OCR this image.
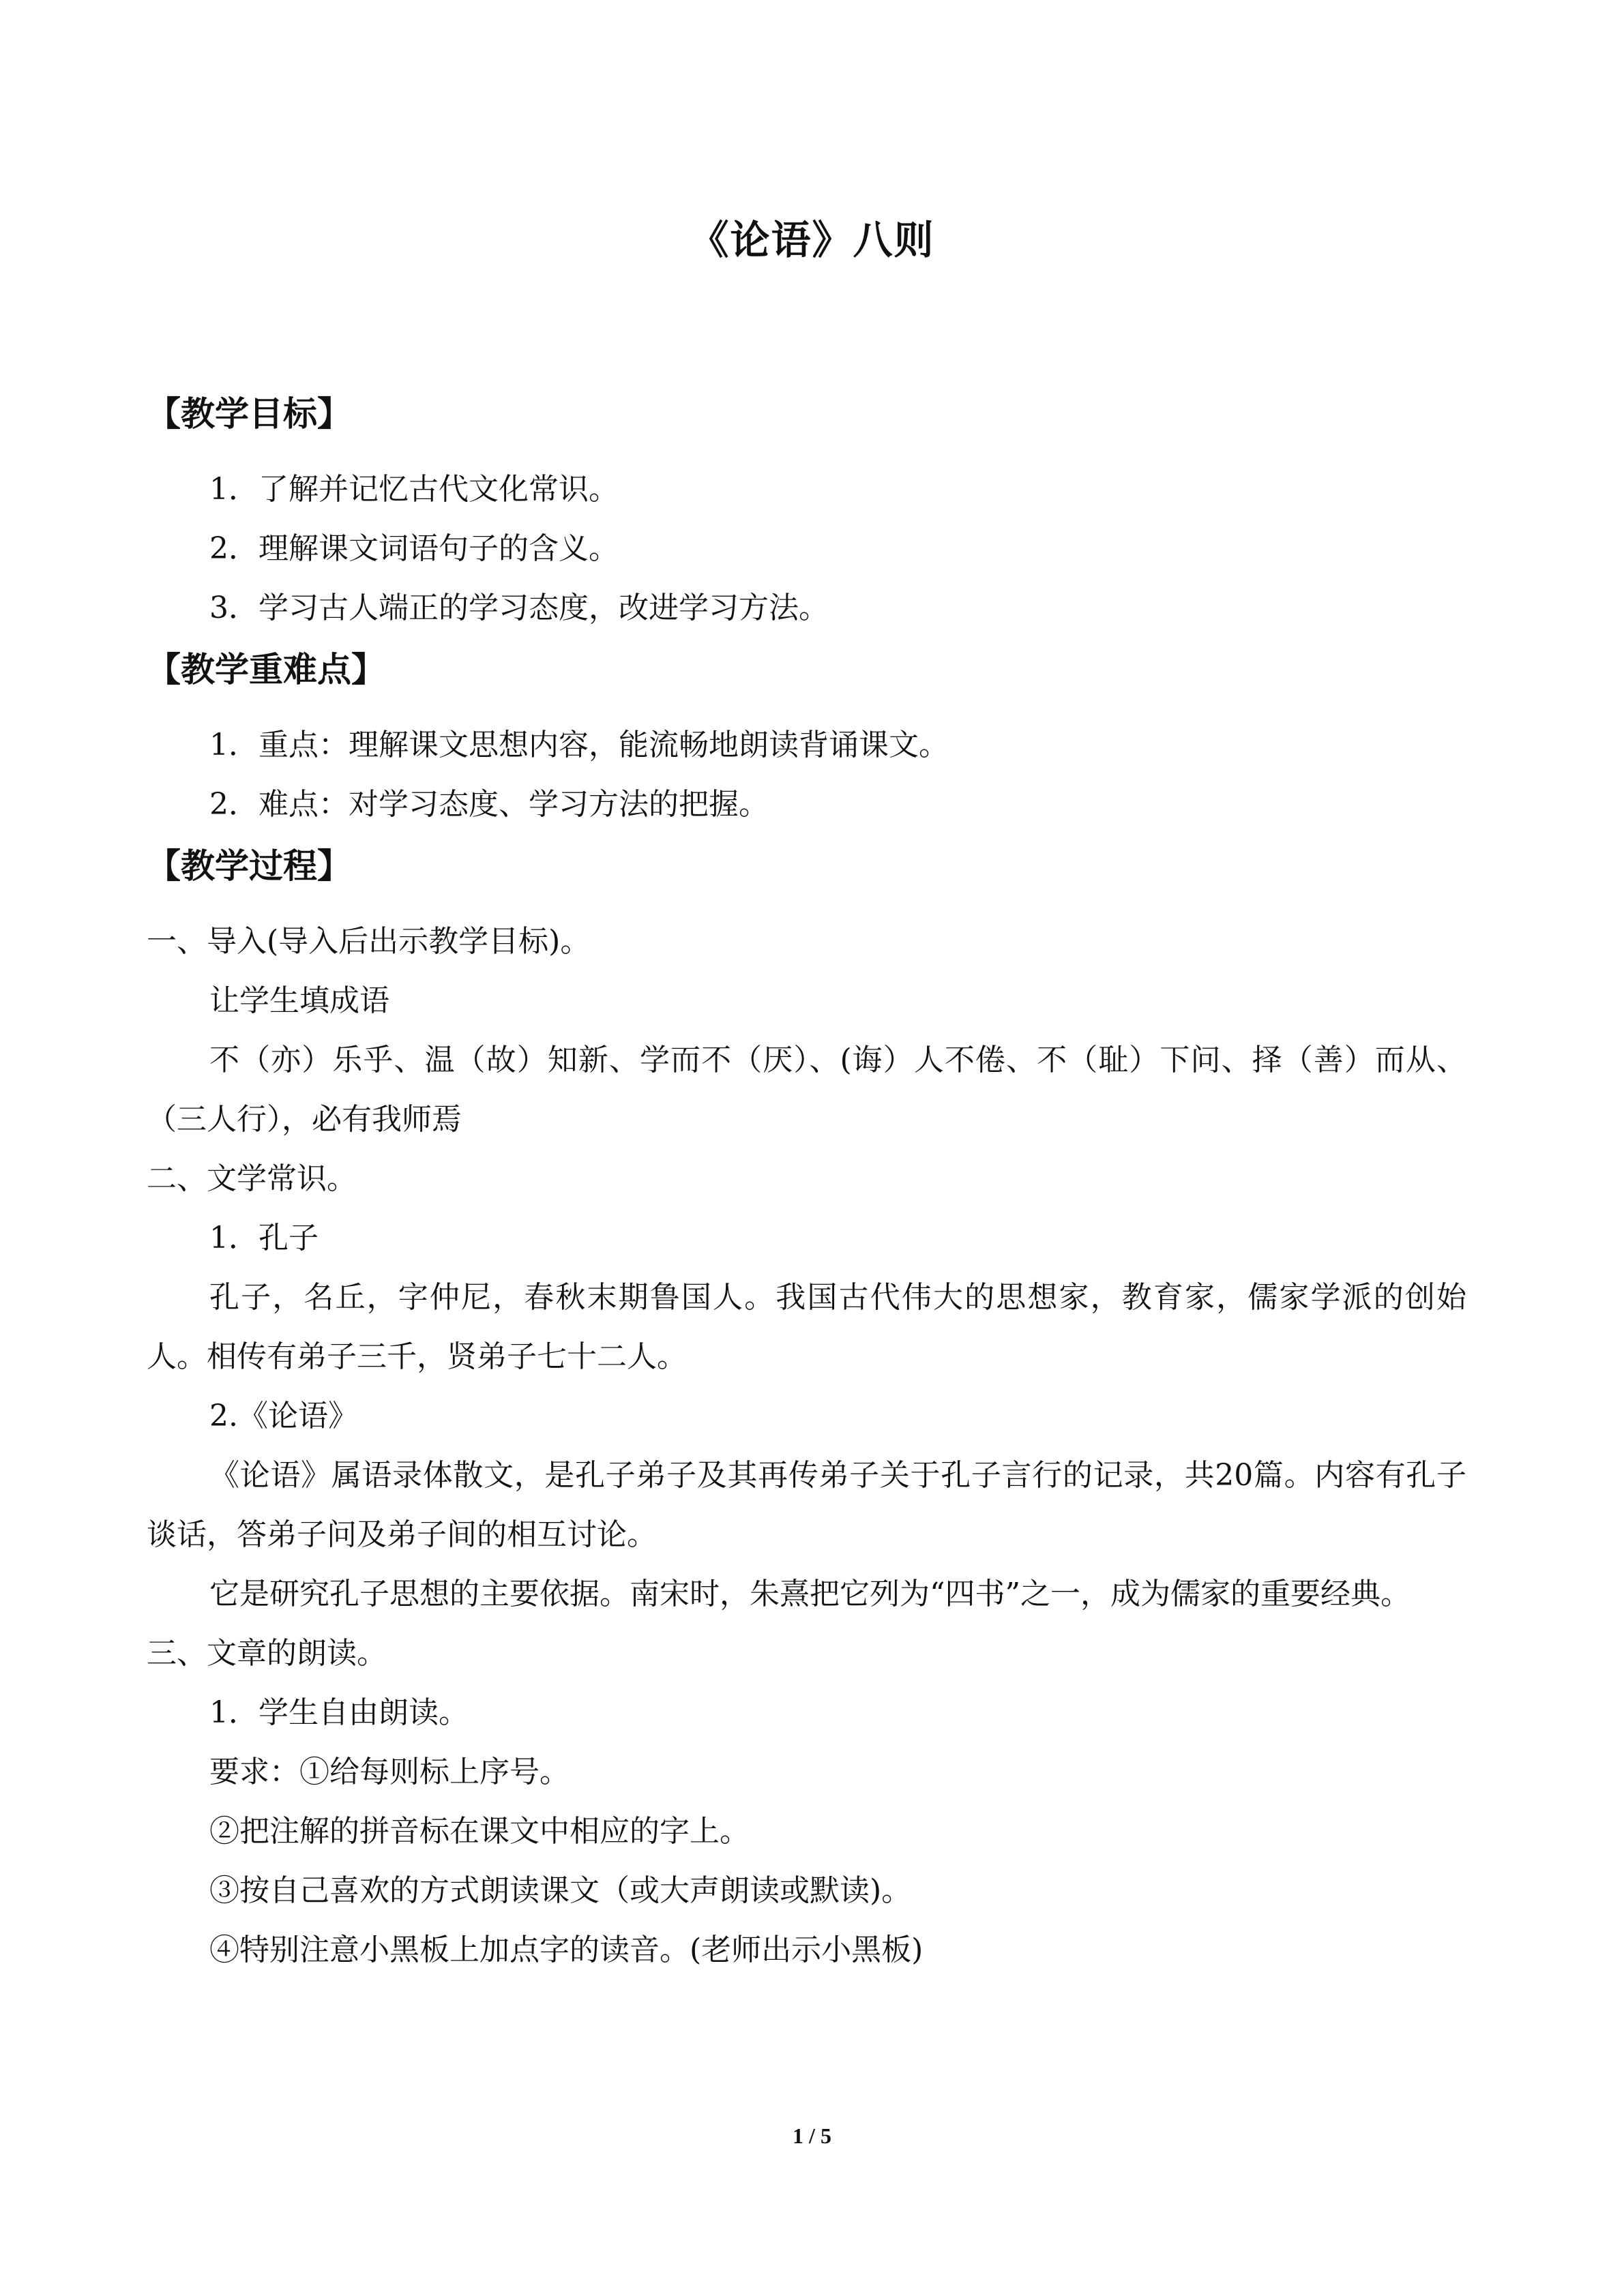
《论语》八则
【教学目标】
1．了解并记忆古代文化常识。
2．理解课文词语句子的含义。
3．学习古人端正的学习态度，改进学习方法。
【教学重难点】
1．重点：理解课文思想内容，能流畅地朗读背诵课文。
2．难点：对学习态度、学习方法的把握。
【教学过程】
一、导入(导入后出示教学目标)。
让学生填成语
不（亦）乐乎、温（故）知新、学而不（厌）、(诲）人不倦、不（耻）下问、择（善）而从、 （三人行），必有我师焉
二、文学常识。
1．孔子
孔子，名丘，字仲尼，春秋末期鲁国人。我国古代伟大的思想家，教育家，儒家学派的创始人。相传有弟子三千，贤弟子七十二人。
2.《论语》
《论语》属语录体散文，是孔子弟子及其再传弟子关于孔子言行的记录，共20篇。内容有孔子谈话，答弟子问及弟子间的相互讨论。
它是研究孔子思想的主要依据。南宋时，朱熹把它列为“四书”之一，成为儒家的重要经典。
三、文章的朗读。
1．学生自由朗读。
要求：①给每则标上序号。
②把注解的拼音标在课文中相应的字上。
③按自己喜欢的方式朗读课文（或大声朗读或默读)。
④特别注意小黑板上加点字的读音。(老师出示小黑板)
1 / 5
